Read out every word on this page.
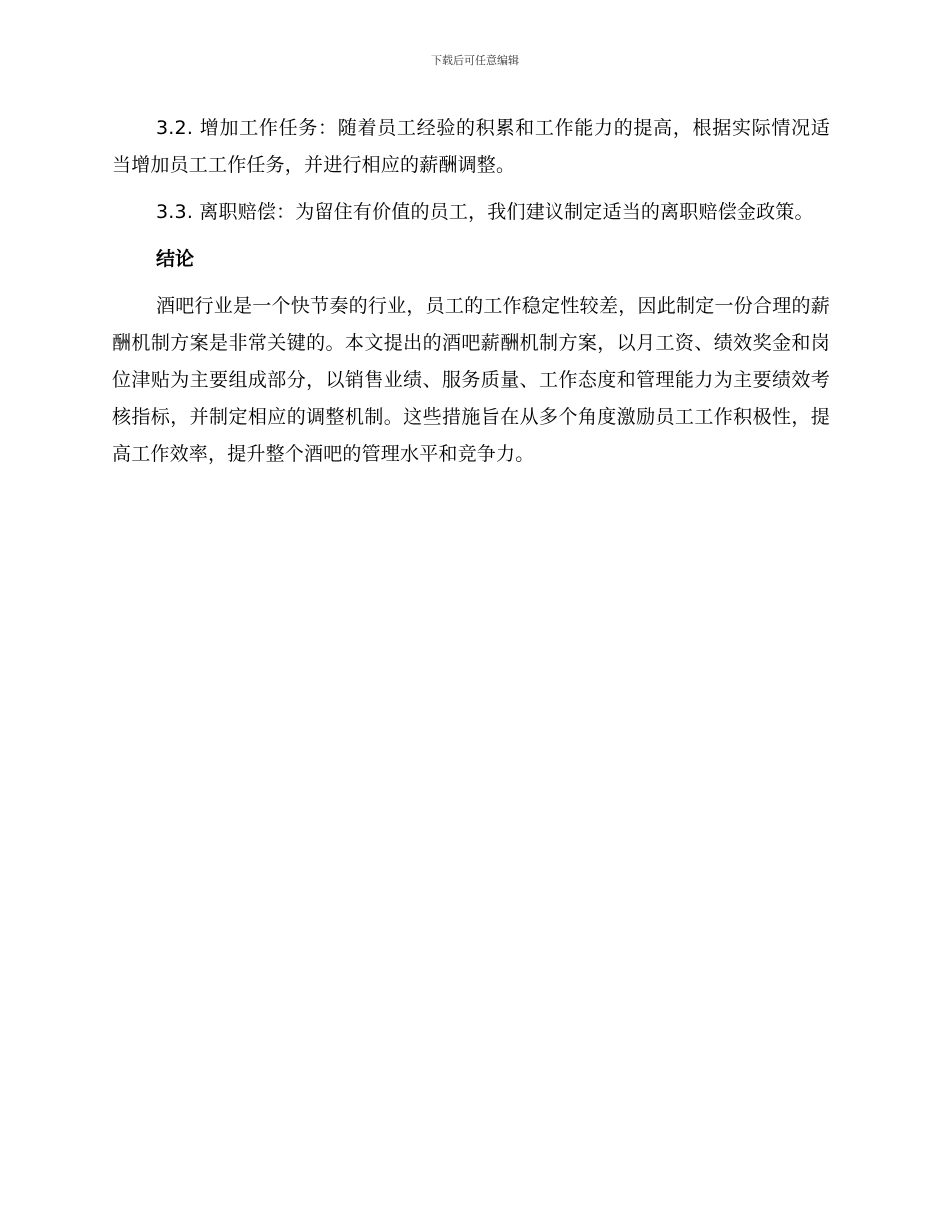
下载后可任意编辑

3.2. 增加工作任务：随着员工经验的积累和工作能力的提高，根据实际情况适当增加员工工作任务，并进行相应的薪酬调整。

3.3. 离职赔偿：为留住有价值的员工，我们建议制定适当的离职赔偿金政策。

结论

酒吧行业是一个快节奏的行业，员工的工作稳定性较差，因此制定一份合理的薪酬机制方案是非常关键的。本文提出的酒吧薪酬机制方案，以月工资、绩效奖金和岗位津贴为主要组成部分，以销售业绩、服务质量、工作态度和管理能力为主要绩效考核指标，并制定相应的调整机制。这些措施旨在从多个角度激励员工工作积极性，提高工作效率，提升整个酒吧的管理水平和竞争力。
